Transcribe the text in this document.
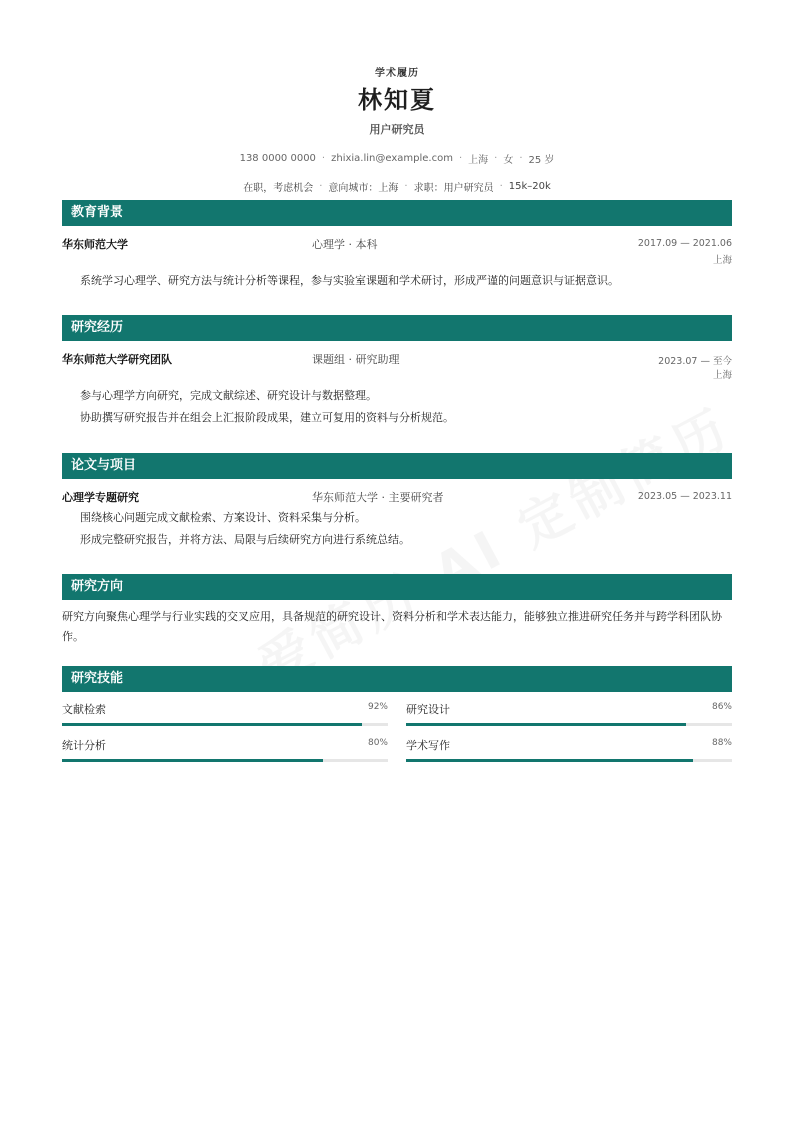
学术履历
林知夏
用户研究员
138 0000 0000 · zhixia.lin@example.com · 上海 · 女 · 25 岁
在职，考虑机会 · 意向城市：上海 · 求职：用户研究员 · 15k–20k
教育背景
华东师范大学	心理学 · 本科	2017.09 — 2021.06
上海
系统学习心理学、研究方法与统计分析等课程，参与实验室课题和学术研讨，形成严谨的问题意识与证据意识。
研究经历
华东师范大学研究团队	课题组 · 研究助理	2023.07 — 至今
上海
参与心理学方向研究，完成文献综述、研究设计与数据整理。
协助撰写研究报告并在组会上汇报阶段成果，建立可复用的资料与分析规范。
论文与项目
心理学专题研究	华东师范大学 · 主要研究者	2023.05 — 2023.11
围绕核心问题完成文献检索、方案设计、资料采集与分析。
形成完整研究报告，并将方法、局限与后续研究方向进行系统总结。
研究方向
研究方向聚焦心理学与行业实践的交叉应用，具备规范的研究设计、资料分析和学术表达能力，能够独立推进研究任务并与跨学科团队协作。
研究技能
文献检索	92% 研究设计	86%
统计分析	80% 学术写作	88%
